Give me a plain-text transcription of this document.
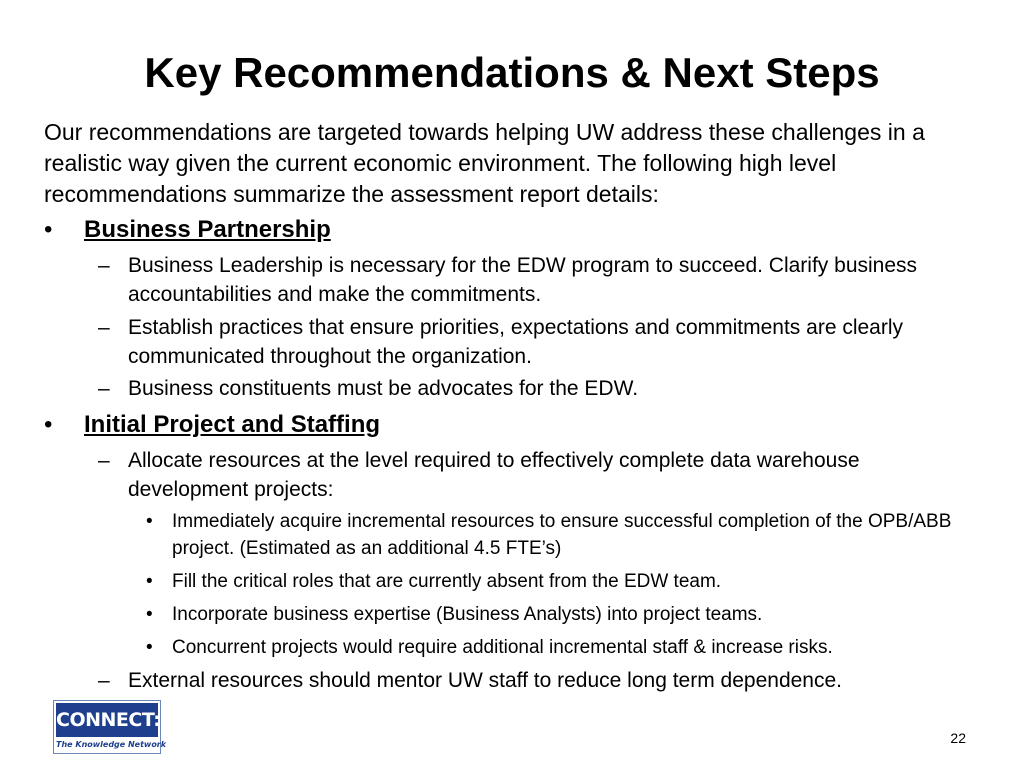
Key Recommendations & Next Steps

Our recommendations are targeted towards helping UW address these challenges in a realistic way given the current economic environment. The following high level recommendations summarize the assessment report details:

• Business Partnership
– Business Leadership is necessary for the EDW program to succeed. Clarify business accountabilities and make the commitments.
– Establish practices that ensure priorities, expectations and commitments are clearly communicated throughout the organization.
– Business constituents must be advocates for the EDW.
• Initial Project and Staffing
– Allocate resources at the level required to effectively complete data warehouse development projects:
• Immediately acquire incremental resources to ensure successful completion of the OPB/ABB project. (Estimated as an additional 4.5 FTE’s)
• Fill the critical roles that are currently absent from the EDW team.
• Incorporate business expertise (Business Analysts) into project teams.
• Concurrent projects would require additional incremental staff & increase risks.
– External resources should mentor UW staff to reduce long term dependence.
CONNECT:
The Knowledge Network	22
